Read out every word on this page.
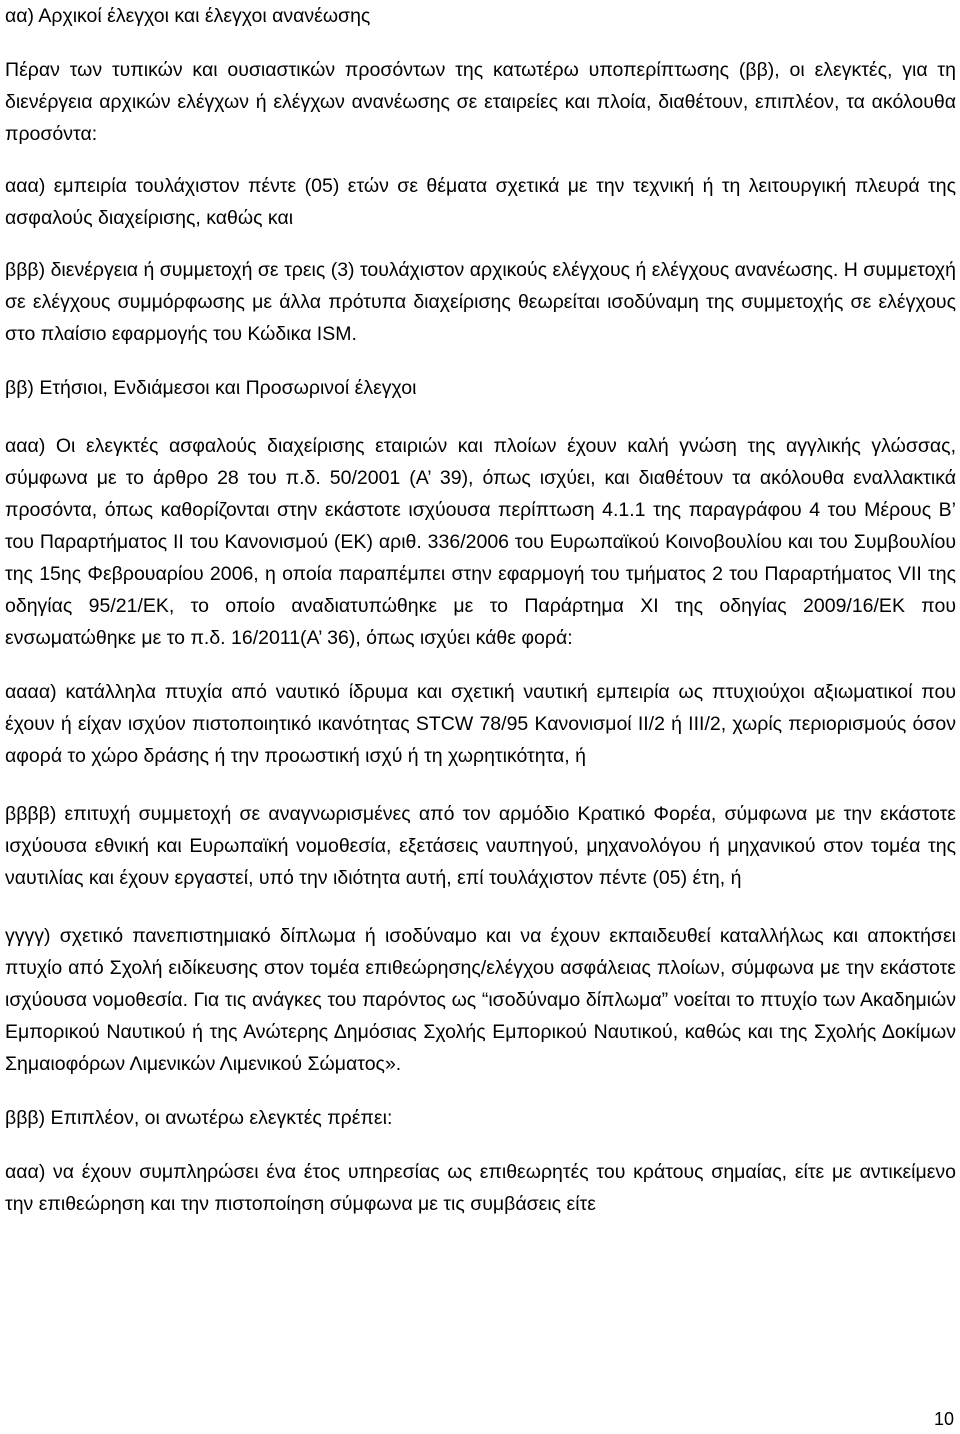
αα) Αρχικοί έλεγχοι και έλεγχοι ανανέωσης

Πέραν των τυπικών και ουσιαστικών προσόντων της κατωτέρω υποπερίπτωσης (ββ), οι ελεγκτές, για τη διενέργεια αρχικών ελέγχων ή ελέγχων ανανέωσης σε εταιρείες και πλοία, διαθέτουν, επιπλέον, τα ακόλουθα προσόντα:

ααα) εμπειρία τουλάχιστον πέντε (05) ετών σε θέματα σχετικά με την τεχνική ή τη λειτουργική πλευρά της ασφαλούς διαχείρισης, καθώς και

βββ) διενέργεια ή συμμετοχή σε τρεις (3) τουλάχιστον αρχικούς ελέγχους ή ελέγχους ανανέωσης. Η συμμετοχή σε ελέγχους συμμόρφωσης με άλλα πρότυπα διαχείρισης θεωρείται ισοδύναμη της συμμετοχής σε ελέγχους στο πλαίσιο εφαρμογής του Κώδικα ISM.

ββ) Ετήσιοι, Ενδιάμεσοι και Προσωρινοί έλεγχοι

ααα) Οι ελεγκτές ασφαλούς διαχείρισης εταιριών και πλοίων έχουν καλή γνώση της αγγλικής γλώσσας, σύμφωνα με το άρθρο 28 του π.δ. 50/2001 (Α’ 39), όπως ισχύει, και διαθέτουν τα ακόλουθα εναλλακτικά προσόντα, όπως καθορίζονται στην εκάστοτε ισχύουσα περίπτωση 4.1.1 της παραγράφου 4 του Μέρους Β’ του Παραρτήματος ΙΙ του Κανονισμού (ΕΚ) αριθ. 336/2006 του Ευρωπαϊκού Κοινοβουλίου και του Συμβουλίου της 15ης Φεβρουαρίου 2006, η οποία παραπέμπει στην εφαρμογή του τμήματος 2 του Παραρτήματος VII της οδηγίας 95/21/ΕΚ, το οποίο αναδιατυπώθηκε με το Παράρτημα ΧΙ της οδηγίας 2009/16/ΕΚ που ενσωματώθηκε με το π.δ. 16/2011(Α’ 36), όπως ισχύει κάθε φορά:

αααα) κατάλληλα πτυχία από ναυτικό ίδρυμα και σχετική ναυτική εμπειρία ως πτυχιούχοι αξιωματικοί που έχουν ή είχαν ισχύον πιστοποιητικό ικανότητας STCW 78/95 Κανονισμοί ΙΙ/2 ή ΙΙΙ/2, χωρίς περιορισμούς όσον αφορά το χώρο δράσης ή την προωστική ισχύ ή τη χωρητικότητα, ή

ββββ) επιτυχή συμμετοχή σε αναγνωρισμένες από τον αρμόδιο Κρατικό Φορέα, σύμφωνα με την εκάστοτε ισχύουσα εθνική και Ευρωπαϊκή νομοθεσία, εξετάσεις ναυπηγού, μηχανολόγου ή μηχανικού στον τομέα της ναυτιλίας και έχουν εργαστεί, υπό την ιδιότητα αυτή, επί τουλάχιστον πέντε (05) έτη, ή

γγγγ) σχετικό πανεπιστημιακό δίπλωμα ή ισοδύναμο και να έχουν εκπαιδευθεί καταλλήλως και αποκτήσει πτυχίο από Σχολή ειδίκευσης στον τομέα επιθεώρησης/ελέγχου ασφάλειας πλοίων, σύμφωνα με την εκάστοτε ισχύουσα νομοθεσία. Για τις ανάγκες του παρόντος ως “ισοδύναμο δίπλωμα” νοείται το πτυχίο των Ακαδημιών Εμπορικού Ναυτικού ή της Ανώτερης Δημόσιας Σχολής Εμπορικού Ναυτικού, καθώς και της Σχολής Δοκίμων Σημαιοφόρων Λιμενικών Λιμενικού Σώματος».

βββ) Επιπλέον, οι ανωτέρω ελεγκτές πρέπει:

ααα) να έχουν συμπληρώσει ένα έτος υπηρεσίας ως επιθεωρητές του κράτους σημαίας, είτε με αντικείμενο την επιθεώρηση και την πιστοποίηση σύμφωνα με τις συμβάσεις είτε

10
